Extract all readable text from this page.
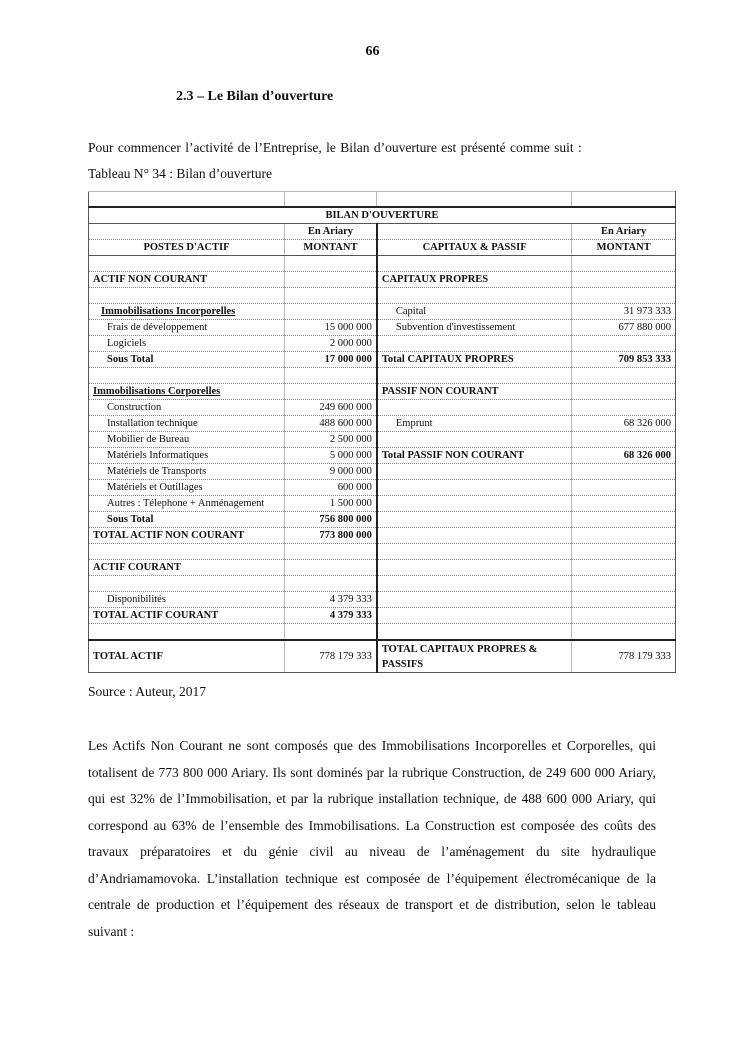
66
2.3 – Le Bilan d’ouverture
Pour commencer l’activité de l’Entreprise, le Bilan d’ouverture est présenté comme suit :
Tableau N° 34 : Bilan d’ouverture

BILAN D'OUVERTURE			
	En Ariary		En Ariary
POSTES D'ACTIF	MONTANT	CAPITAUX & PASSIF	MONTANT

ACTIF NON COURANT		CAPITAUX PROPRES	

Immobilisations Incorporelles		Capital	31 973 333
Frais de développement	15 000 000	Subvention d'investissement	677 880 000
Logiciels	2 000 000		
Sous Total	17 000 000	Total CAPITAUX PROPRES	709 853 333

Immobilisations Corporelles		PASSIF NON COURANT	
Construction	249 600 000		
Installation technique	488 600 000	Emprunt	68 326 000
Mobilier de Bureau	2 500 000		
Matériels Informatiques	5 000 000	Total PASSIF NON COURANT	68 326 000
Matériels de Transports	9 000 000		
Matériels et Outillages	600 000		
Autres : Télephone + Anménagement	1 500 000		
Sous Total	756 800 000		
TOTAL ACTIF NON COURANT	773 800 000		

ACTIF COURANT			

Disponibilités	4 379 333		
TOTAL ACTIF COURANT	4 379 333		

TOTAL ACTIF	778 179 333	TOTAL CAPITAUX PROPRES & PASSIFS	778 179 333
Source : Auteur, 2017
Les Actifs Non Courant ne sont composés que des Immobilisations Incorporelles et Corporelles, qui totalisent de 773 800 000 Ariary. Ils sont dominés par la rubrique Construction, de 249 600 000 Ariary, qui est 32% de l’Immobilisation, et par la rubrique installation technique, de 488 600 000 Ariary, qui correspond au 63% de l’ensemble des Immobilisations. La Construction est composée des coûts des travaux préparatoires et du génie civil au niveau de l’aménagement du site hydraulique d’Andriamamovoka. L’installation technique est composée de l’équipement électromécanique de la centrale de production et l’équipement des réseaux de transport et de distribution, selon le tableau suivant :
